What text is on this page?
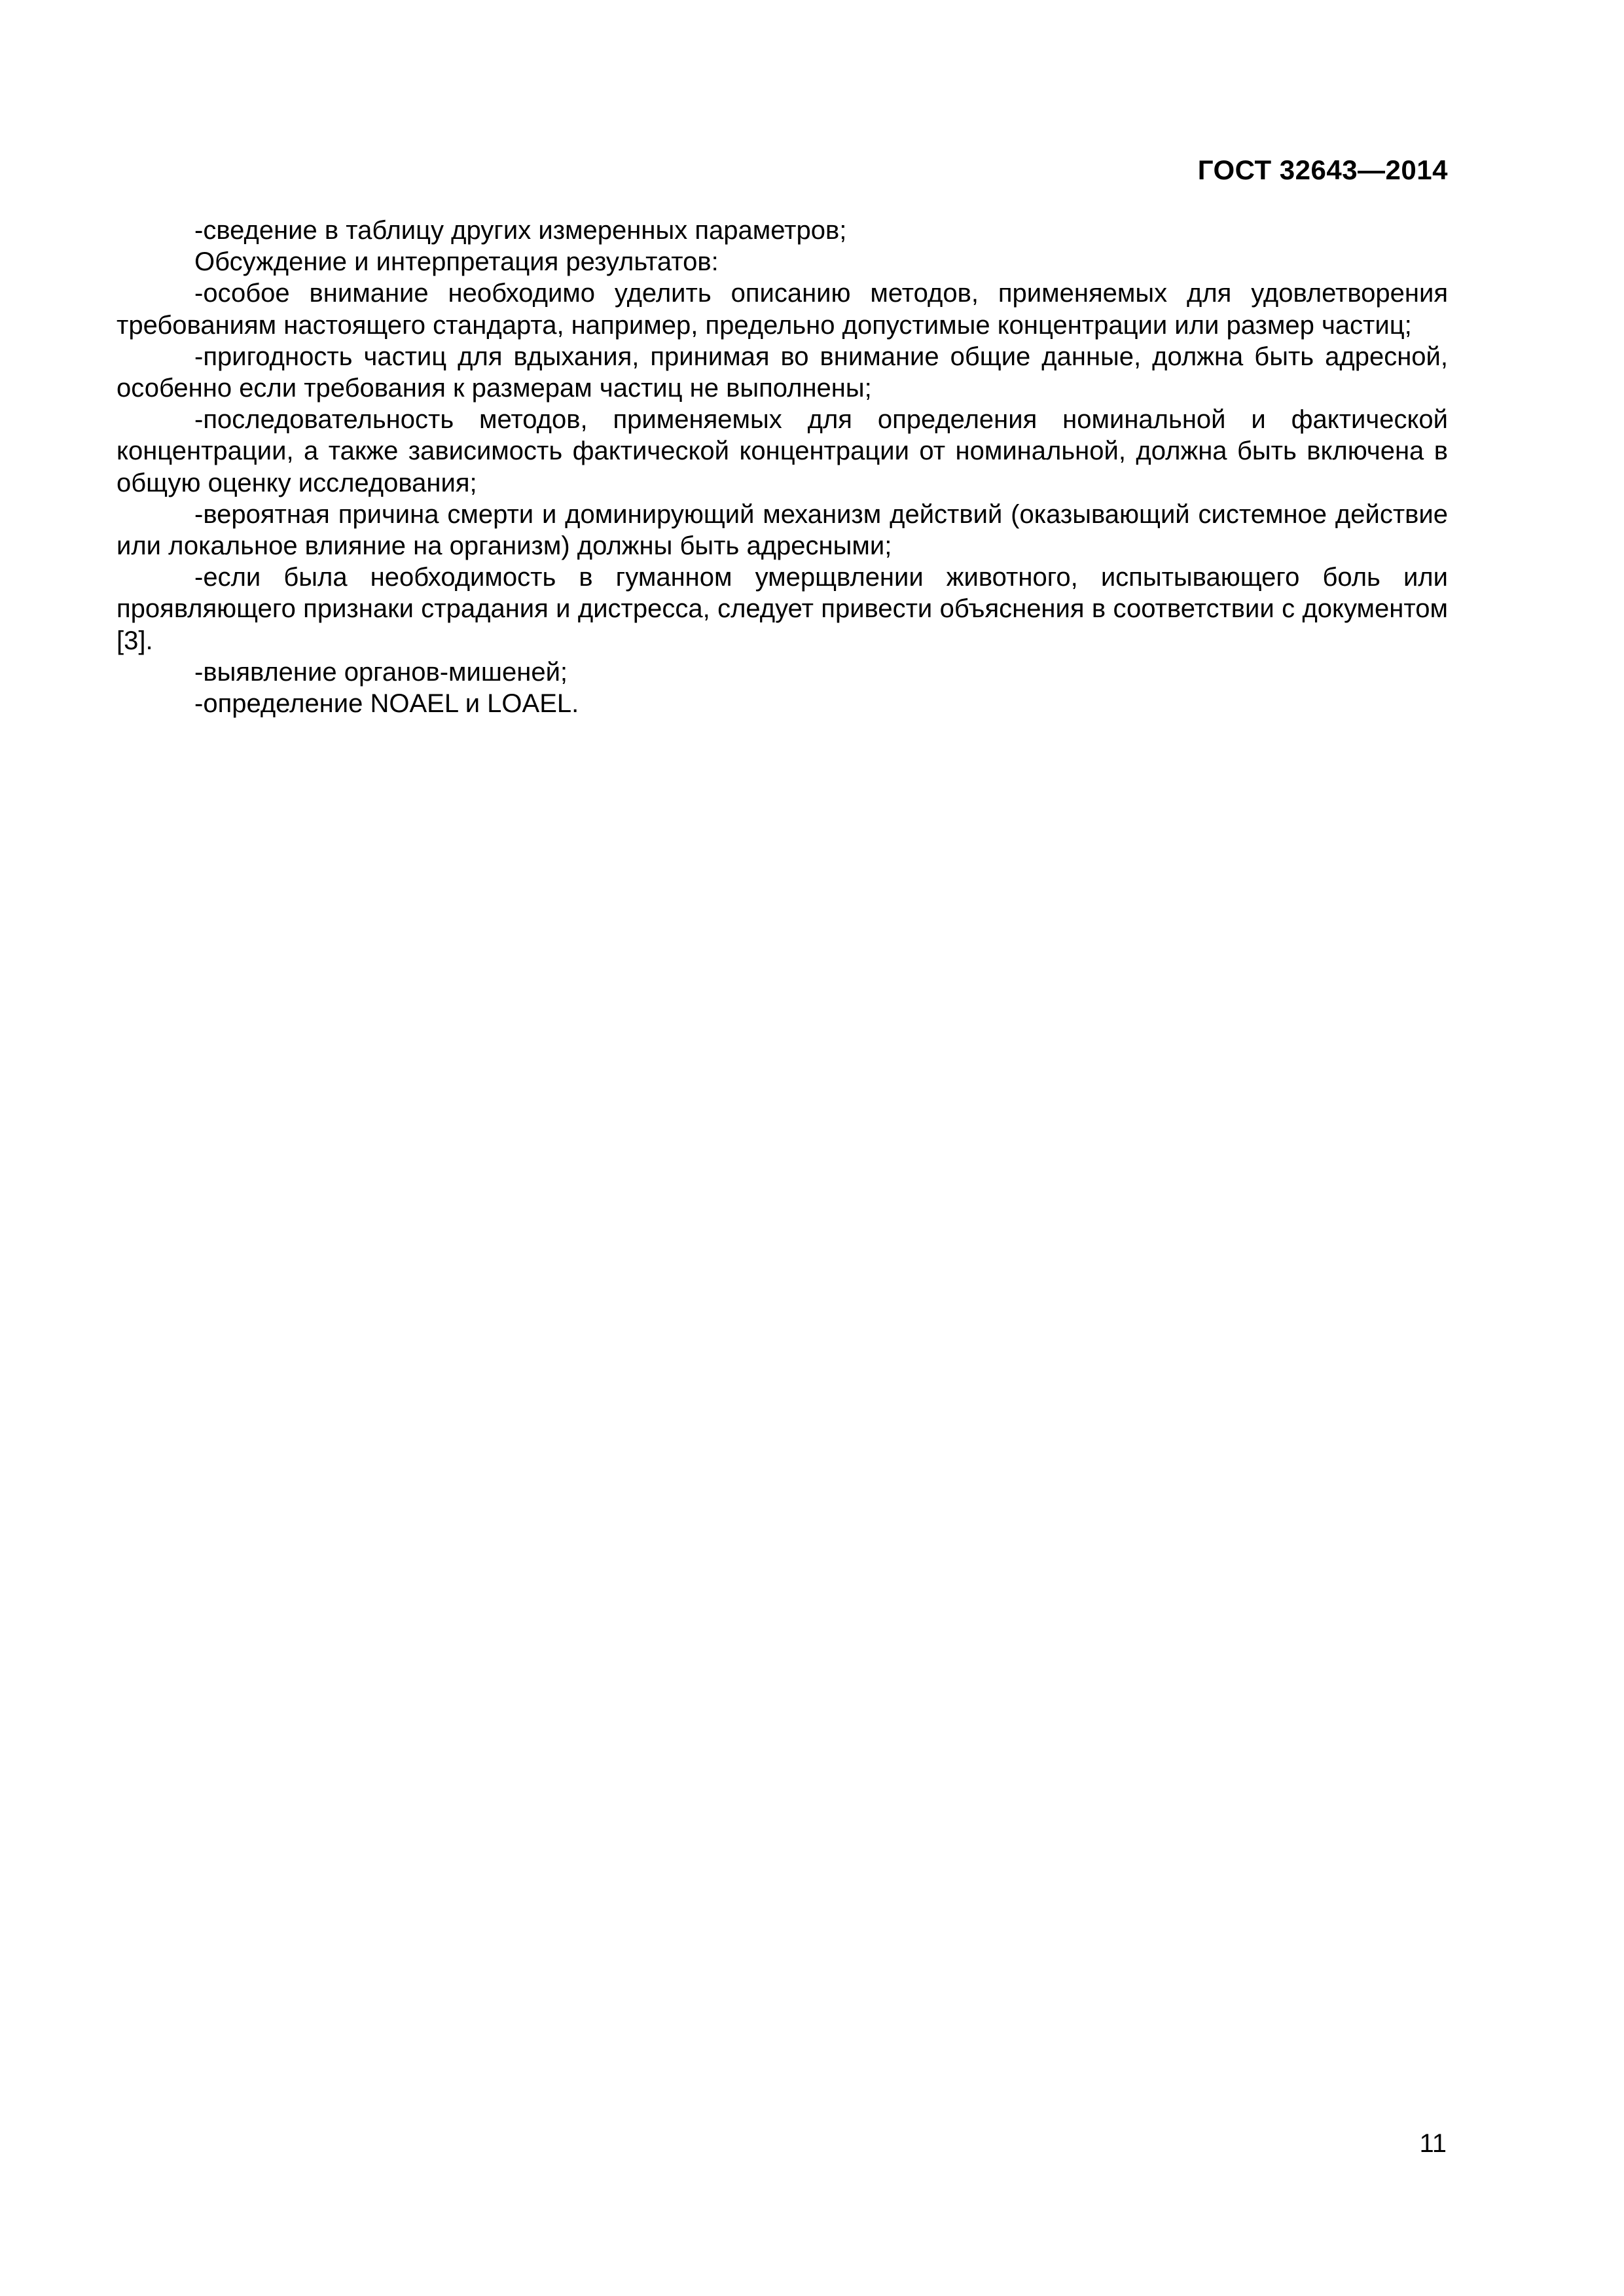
ГОСТ 32643—2014

-сведение в таблицу других измеренных параметров;

Обсуждение и интерпретация результатов:

-особое внимание необходимо уделить описанию методов, применяемых для удовлетворения требованиям настоящего стандарта, например, предельно допустимые концентрации или размер частиц;

-пригодность частиц для вдыхания, принимая во внимание общие данные, должна быть адресной, особенно если требования к размерам частиц не выполнены;

-последовательность методов, применяемых для определения номинальной и фактической концентрации, а также зависимость фактической концентрации от номинальной, должна быть включена в общую оценку исследования;

-вероятная причина смерти и доминирующий механизм действий (оказывающий системное действие или локальное влияние на организм) должны быть адресными;

-если была необходимость в гуманном умерщвлении животного, испытывающего боль или проявляющего признаки страдания и дистресса, следует привести объяснения в соответствии с документом [3].

-выявление органов-мишеней;

-определение NOAEL и LOAEL.

11
